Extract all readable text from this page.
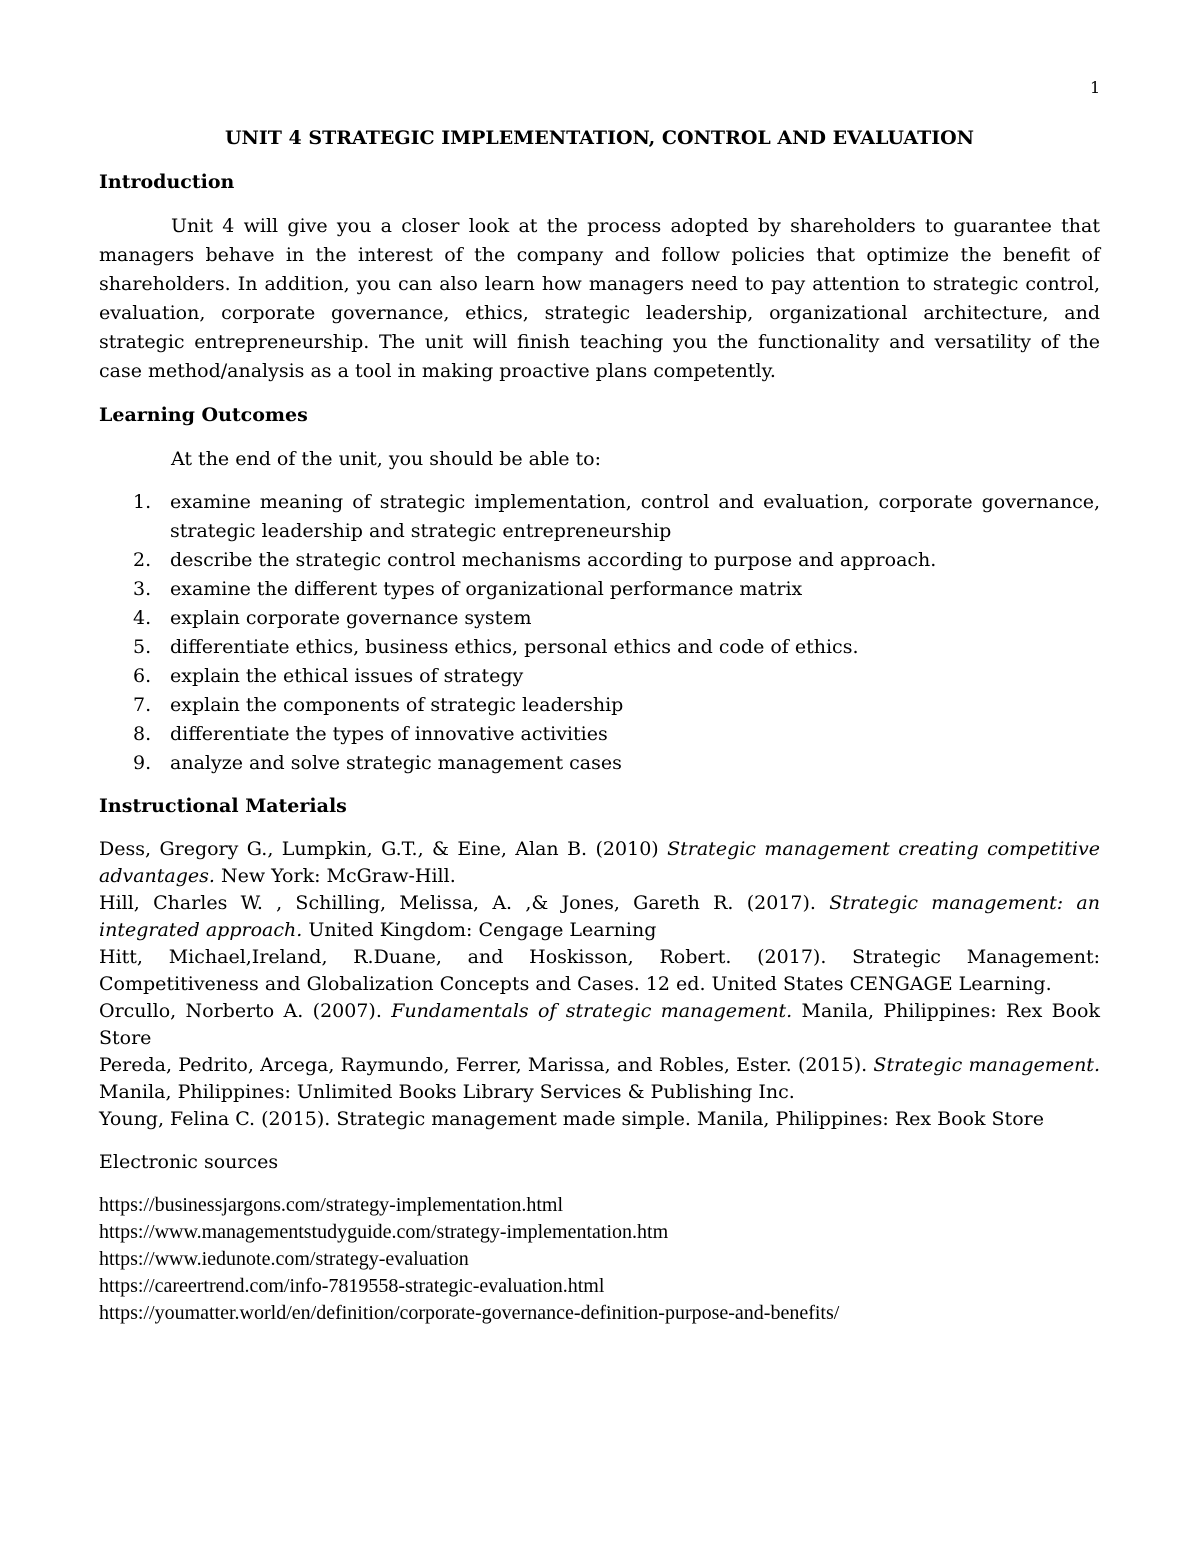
1
UNIT 4 STRATEGIC IMPLEMENTATION, CONTROL AND EVALUATION
Introduction

Unit 4 will give you a closer look at the process adopted by shareholders to guarantee that managers behave in the interest of the company and follow policies that optimize the benefit of shareholders. In addition, you can also learn how managers need to pay attention to strategic control, evaluation, corporate governance, ethics, strategic leadership, organizational architecture, and strategic entrepreneurship. The unit will finish teaching you the functionality and versatility of the case method/analysis as a tool in making proactive plans competently.

Learning Outcomes

At the end of the unit, you should be able to:

1. examine meaning of strategic implementation, control and evaluation, corporate governance, strategic leadership and strategic entrepreneurship
2. describe the strategic control mechanisms according to purpose and approach.
3. examine the different types of organizational performance matrix
4. explain corporate governance system
5. differentiate ethics, business ethics, personal ethics and code of ethics.
6. explain the ethical issues of strategy
7. explain the components of strategic leadership
8. differentiate the types of innovative activities
9. analyze and solve strategic management cases
Instructional Materials

Dess, Gregory G., Lumpkin, G.T., & Eine, Alan B. (2010) Strategic management creating competitive advantages. New York: McGraw-Hill.

Hill, Charles W. , Schilling, Melissa, A. ,& Jones, Gareth R. (2017). Strategic management: an integrated approach. United Kingdom: Cengage Learning

Hitt, Michael,Ireland, R.Duane, and Hoskisson, Robert. (2017). Strategic Management: Competitiveness and Globalization Concepts and Cases. 12 ed. United States CENGAGE Learning.

Orcullo, Norberto A. (2007). Fundamentals of strategic management. Manila, Philippines: Rex Book Store

Pereda, Pedrito, Arcega, Raymundo, Ferrer, Marissa, and Robles, Ester. (2015). Strategic management. Manila, Philippines: Unlimited Books Library Services & Publishing Inc.

Young, Felina C. (2015). Strategic management made simple. Manila, Philippines: Rex Book Store

Electronic sources

https://businessjargons.com/strategy-implementation.html

https://www.managementstudyguide.com/strategy-implementation.htm

https://www.iedunote.com/strategy-evaluation

https://careertrend.com/info-7819558-strategic-evaluation.html

https://youmatter.world/en/definition/corporate-governance-definition-purpose-and-benefits/
